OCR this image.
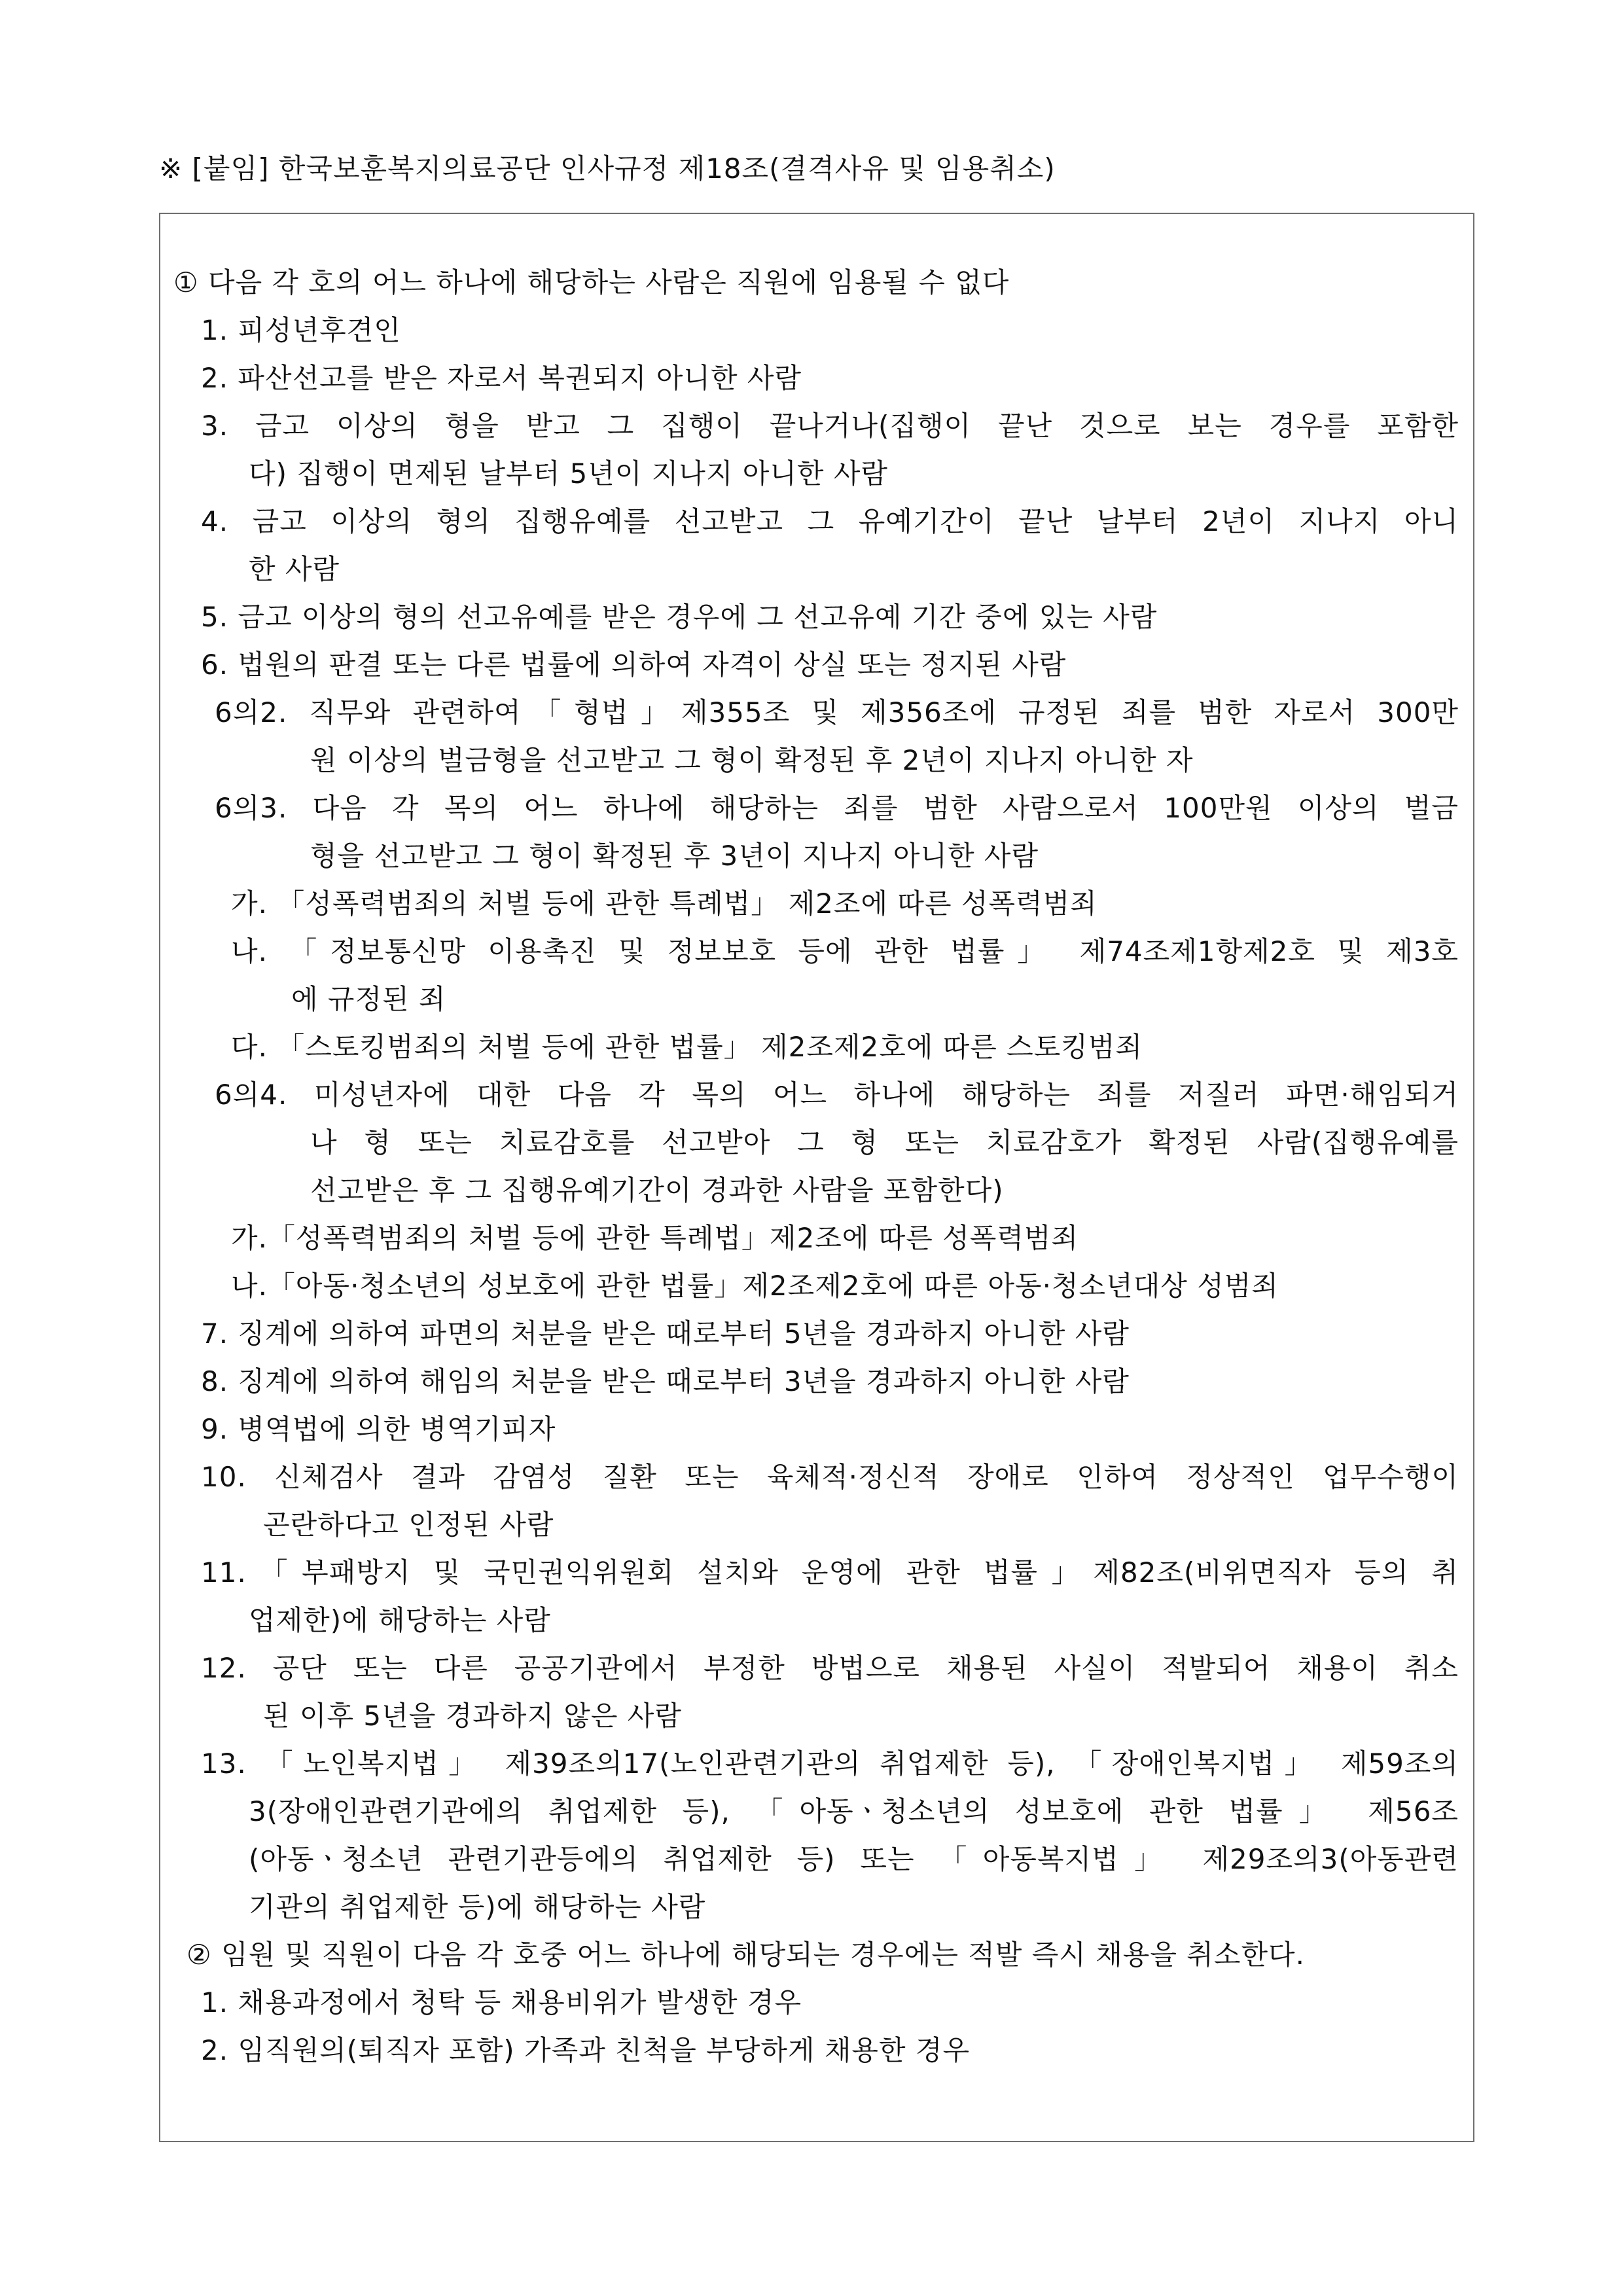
※ [붙임] 한국보훈복지의료공단 인사규정 제18조(결격사유 및 임용취소)
① 다음 각 호의 어느 하나에 해당하는 사람은 직원에 임용될 수 없다
1. 피성년후견인
2. 파산선고를 받은 자로서 복권되지 아니한 사람
3. 금고 이상의 형을 받고 그 집행이 끝나거나(집행이 끝난 것으로 보는 경우를 포함한
다) 집행이 면제된 날부터 5년이 지나지 아니한 사람
4. 금고 이상의 형의 집행유예를 선고받고 그 유예기간이 끝난 날부터 2년이 지나지 아니
한 사람
5. 금고 이상의 형의 선고유예를 받은 경우에 그 선고유예 기간 중에 있는 사람
6. 법원의 판결 또는 다른 법률에 의하여 자격이 상실 또는 정지된 사람
6의2. 직무와 관련하여「형법」제355조 및 제356조에 규정된 죄를 범한 자로서 300만
원 이상의 벌금형을 선고받고 그 형이 확정된 후 2년이 지나지 아니한 자
6의3. 다음 각 목의 어느 하나에 해당하는 죄를 범한 사람으로서 100만원 이상의 벌금
형을 선고받고 그 형이 확정된 후 3년이 지나지 아니한 사람
가. 「성폭력범죄의 처벌 등에 관한 특례법」 제2조에 따른 성폭력범죄
나. 「정보통신망 이용촉진 및 정보보호 등에 관한 법률」 제74조제1항제2호 및 제3호
에 규정된 죄
다. 「스토킹범죄의 처벌 등에 관한 법률」 제2조제2호에 따른 스토킹범죄
6의4. 미성년자에 대한 다음 각 목의 어느 하나에 해당하는 죄를 저질러 파면·해임되거
나 형 또는 치료감호를 선고받아 그 형 또는 치료감호가 확정된 사람(집행유예를
선고받은 후 그 집행유예기간이 경과한 사람을 포함한다)
가.「성폭력범죄의 처벌 등에 관한 특례법」제2조에 따른 성폭력범죄
나.「아동·청소년의 성보호에 관한 법률」제2조제2호에 따른 아동·청소년대상 성범죄
7. 징계에 의하여 파면의 처분을 받은 때로부터 5년을 경과하지 아니한 사람
8. 징계에 의하여 해임의 처분을 받은 때로부터 3년을 경과하지 아니한 사람
9. 병역법에 의한 병역기피자
10. 신체검사 결과 감염성 질환 또는 육체적·정신적 장애로 인하여 정상적인 업무수행이
곤란하다고 인정된 사람
11.「부패방지 및 국민권익위원회 설치와 운영에 관한 법률」제82조(비위면직자 등의 취
업제한)에 해당하는 사람
12. 공단 또는 다른 공공기관에서 부정한 방법으로 채용된 사실이 적발되어 채용이 취소
된 이후 5년을 경과하지 않은 사람
13. 「노인복지법」 제39조의17(노인관련기관의 취업제한 등), 「장애인복지법」 제59조의
3(장애인관련기관에의 취업제한 등), 「아동ㆍ청소년의 성보호에 관한 법률」 제56조
(아동ㆍ청소년 관련기관등에의 취업제한 등) 또는 「아동복지법」 제29조의3(아동관련
기관의 취업제한 등)에 해당하는 사람
② 임원 및 직원이 다음 각 호중 어느 하나에 해당되는 경우에는 적발 즉시 채용을 취소한다.
1. 채용과정에서 청탁 등 채용비위가 발생한 경우
2. 임직원의(퇴직자 포함) 가족과 친척을 부당하게 채용한 경우
